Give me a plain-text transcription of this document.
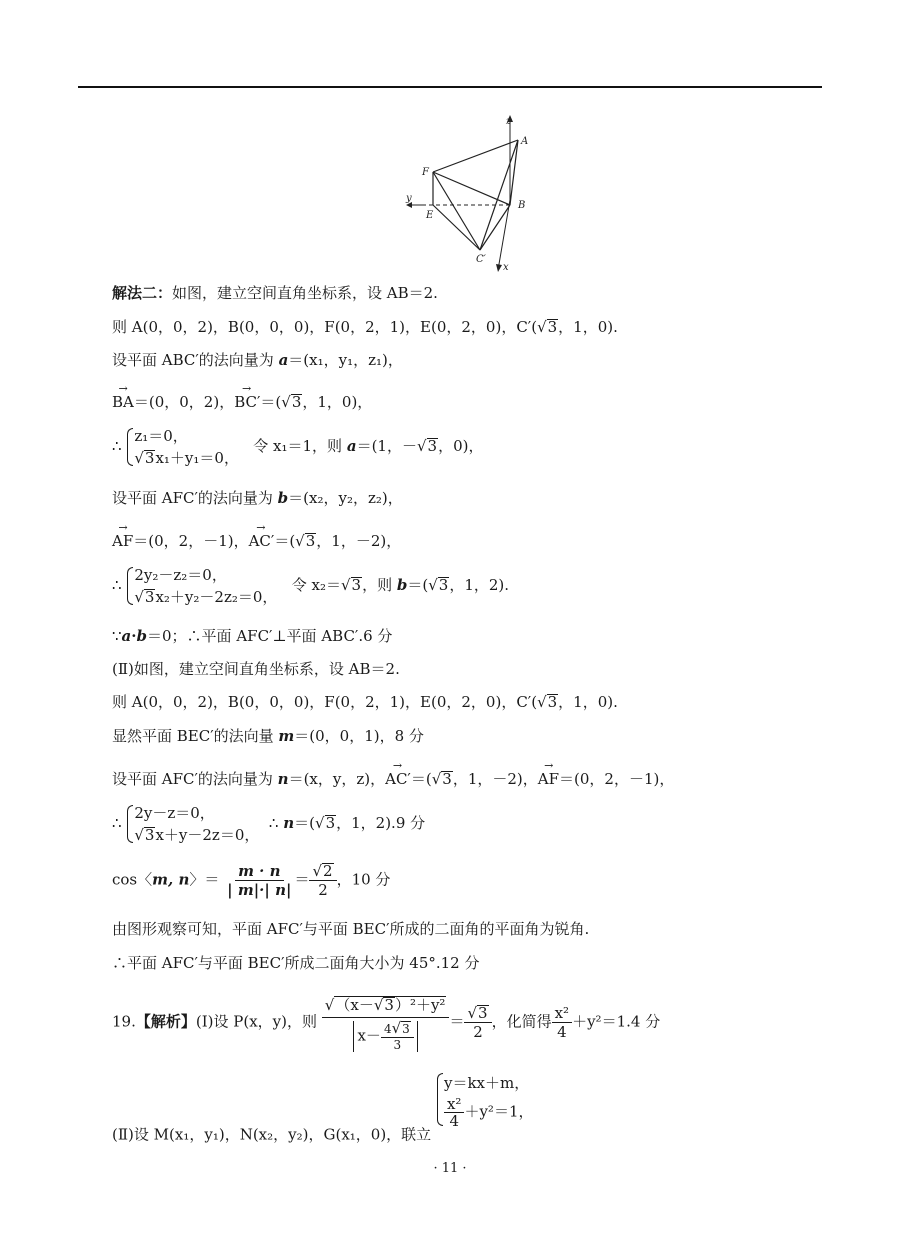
z
A
F
y
E
B
C′
x
解法二：如图，建立空间直角坐标系，设 AB＝2.
则 A(0，0，2)，B(0，0，0)，F(0，2，1)，E(0，2，0)，C′(√3，1，0).
设平面 ABC′的法向量为 a＝(x₁，y₁，z₁)，
→ BA＝(0，0，2)，→ BC′＝(√3，1，0)，
∴
z₁＝0，
√3x₁＋y₁＝0，
令 x₁＝1，则 a＝(1，－√3，0)，
设平面 AFC′的法向量为 b＝(x₂，y₂，z₂)，
→ AF＝(0，2，－1)，→ AC′＝(√3，1，－2)，
∴
2y₂－z₂＝0，
√3x₂＋y₂－2z₂＝0，
令 x₂＝√3，则 b＝(√3，1，2).
∵a·b＝0；∴平面 AFC′⊥平面 ABC′.6 分
(Ⅱ)如图，建立空间直角坐标系，设 AB＝2.
则 A(0，0，2)，B(0，0，0)，F(0，2，1)，E(0，2，0)，C′(√3，1，0).
显然平面 BEC′的法向量 m＝(0，0，1)，8 分
设平面 AFC′的法向量为 n＝(x，y，z)，→ AC′＝(√3，1，－2)，→ AF＝(0，2，－1)，
∴
2y－z＝0，
√3x＋y－2z＝0，
∴ n＝(√3，1，2).9 分
cos〈m, n〉＝ $\frac{m \cdot n}{| m|\cdot| n|} = \frac{√2}{2}$ ，10 分
由图形观察可知，平面 AFC′与平面 BEC′所成的二面角的平面角为锐角.
∴平面 AFC′与平面 BEC′所成二面角大小为 45°.12 分
19.【解析】(Ⅰ)设 P(x，y)，则 $\frac{\text{√（x－√3）²＋y²}}{x- \frac{4√3}{3}} = \frac{√3}{2}$ ，化简得 $\frac{\text{x²}}{4} +y^2=1.4$ 分
(Ⅱ)设 M(x₁，y₁)，N(x₂，y₂)，G(x₁，0)，联立
y＝kx＋m，
$\frac{\text{x²}}{4} +y^2=1$，
· 11 ·
